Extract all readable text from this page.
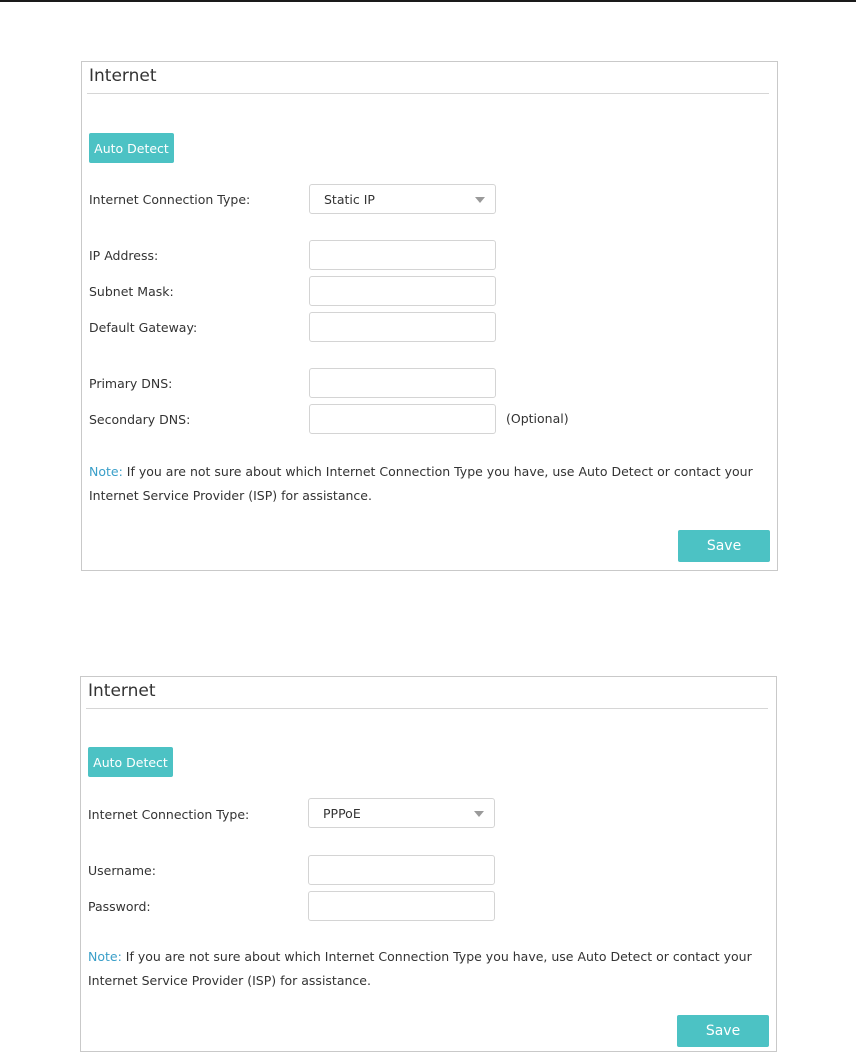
Internet
Auto Detect
Internet Connection Type:	Static IP
IP Address:
Subnet Mask:
Default Gateway:
Primary DNS:
Secondary DNS:	(Optional)
Note: If you are not sure about which Internet Connection Type you have, use Auto Detect or contact your Internet Service Provider (ISP) for assistance.
Save
Internet
Auto Detect
Internet Connection Type:	PPPoE
Username:
Password:
Note: If you are not sure about which Internet Connection Type you have, use Auto Detect or contact your Internet Service Provider (ISP) for assistance.
Save
